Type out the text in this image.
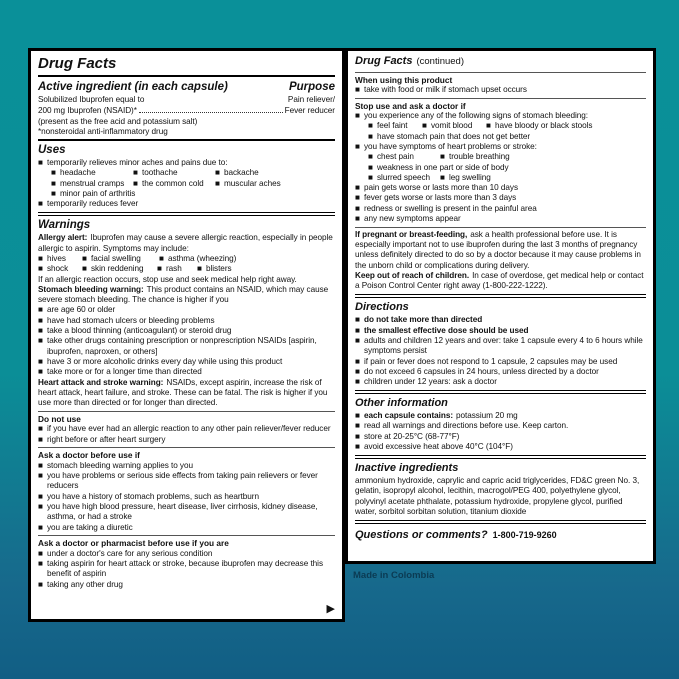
Drug Facts
Active ingredient (in each capsule)	Purpose
Solubilized Ibuprofen equal to	Pain reliever/
200 mg Ibuprofen (NSAID)*	Fever reducer

(present as the free acid and potassium salt)

*nonsteroidal anti-inflammatory drug

Uses
■ temporarily relieves minor aches and pains due to:
■ headache	■ toothache	■ backache
■ menstrual cramps	■ the common cold	■ muscular aches
■ minor pain of arthritis
■ temporarily reduces fever
Warnings

Allergy alert: Ibuprofen may cause a severe allergic reaction, especially in people allergic to aspirin. Symptoms may include:

■ hives	■ facial swelling	■ asthma (wheezing)
■ shock	■ skin reddening	■ rash	■ blisters

If an allergic reaction occurs, stop use and seek medical help right away.

Stomach bleeding warning: This product contains an NSAID, which may cause severe stomach bleeding. The chance is higher if you

■ are age 60 or older
■ have had stomach ulcers or bleeding problems
■ take a blood thinning (anticoagulant) or steroid drug
■ take other drugs containing prescription or nonprescription NSAIDs [aspirin, ibuprofen, naproxen, or others]
■ have 3 or more alcoholic drinks every day while using this product
■ take more or for a longer time than directed

Heart attack and stroke warning: NSAIDs, except aspirin, increase the risk of heart attack, heart failure, and stroke. These can be fatal. The risk is higher if you use more than directed or for longer than directed.

Do not use
■ if you have ever had an allergic reaction to any other pain reliever/fever reducer
■ right before or after heart surgery
Ask a doctor before use if
■ stomach bleeding warning applies to you
■ you have problems or serious side effects from taking pain relievers or fever reducers
■ you have a history of stomach problems, such as heartburn
■ you have high blood pressure, heart disease, liver cirrhosis, kidney disease, asthma, or had a stroke
■ you are taking a diuretic
Ask a doctor or pharmacist before use if you are
■ under a doctor's care for any serious condition
■ taking aspirin for heart attack or stroke, because ibuprofen may decrease this benefit of aspirin
■ taking any other drug
▶
Drug Facts (continued)
When using this product
■ take with food or milk if stomach upset occurs
Stop use and ask a doctor if
■ you experience any of the following signs of stomach bleeding:
■ feel faint	■ vomit blood	■ have bloody or black stools
■ have stomach pain that does not get better
■ you have symptoms of heart problems or stroke:
■ chest pain	■ trouble breathing
■ weakness in one part or side of body
■ slurred speech	■ leg swelling
■ pain gets worse or lasts more than 10 days
■ fever gets worse or lasts more than 3 days
■ redness or swelling is present in the painful area
■ any new symptoms appear

If pregnant or breast-feeding, ask a health professional before use. It is especially important not to use ibuprofen during the last 3 months of pregnancy unless definitely directed to do so by a doctor because it may cause problems in the unborn child or complications during delivery.

Keep out of reach of children. In case of overdose, get medical help or contact a Poison Control Center right away (1-800-222-1222).

Directions
■ do not take more than directed
■ the smallest effective dose should be used
■ adults and children 12 years and over: take 1 capsule every 4 to 6 hours while symptoms persist
■ if pain or fever does not respond to 1 capsule, 2 capsules may be used
■ do not exceed 6 capsules in 24 hours, unless directed by a doctor
■ children under 12 years: ask a doctor
Other information
■ each capsule contains: potassium 20 mg
■ read all warnings and directions before use. Keep carton.
■ store at 20-25°C (68-77°F)
■ avoid excessive heat above 40°C (104°F)
Inactive ingredients

ammonium hydroxide, caprylic and capric acid triglycerides, FD&C green No. 3, gelatin, isopropyl alcohol, lecithin, macrogol/PEG 400, polyethylene glycol, polyvinyl acetate phthalate, potassium hydroxide, propylene glycol, purified water, sorbitol sorbitan solution, titanium dioxide

Questions or comments? 1-800-719-9260
Made in Colombia
